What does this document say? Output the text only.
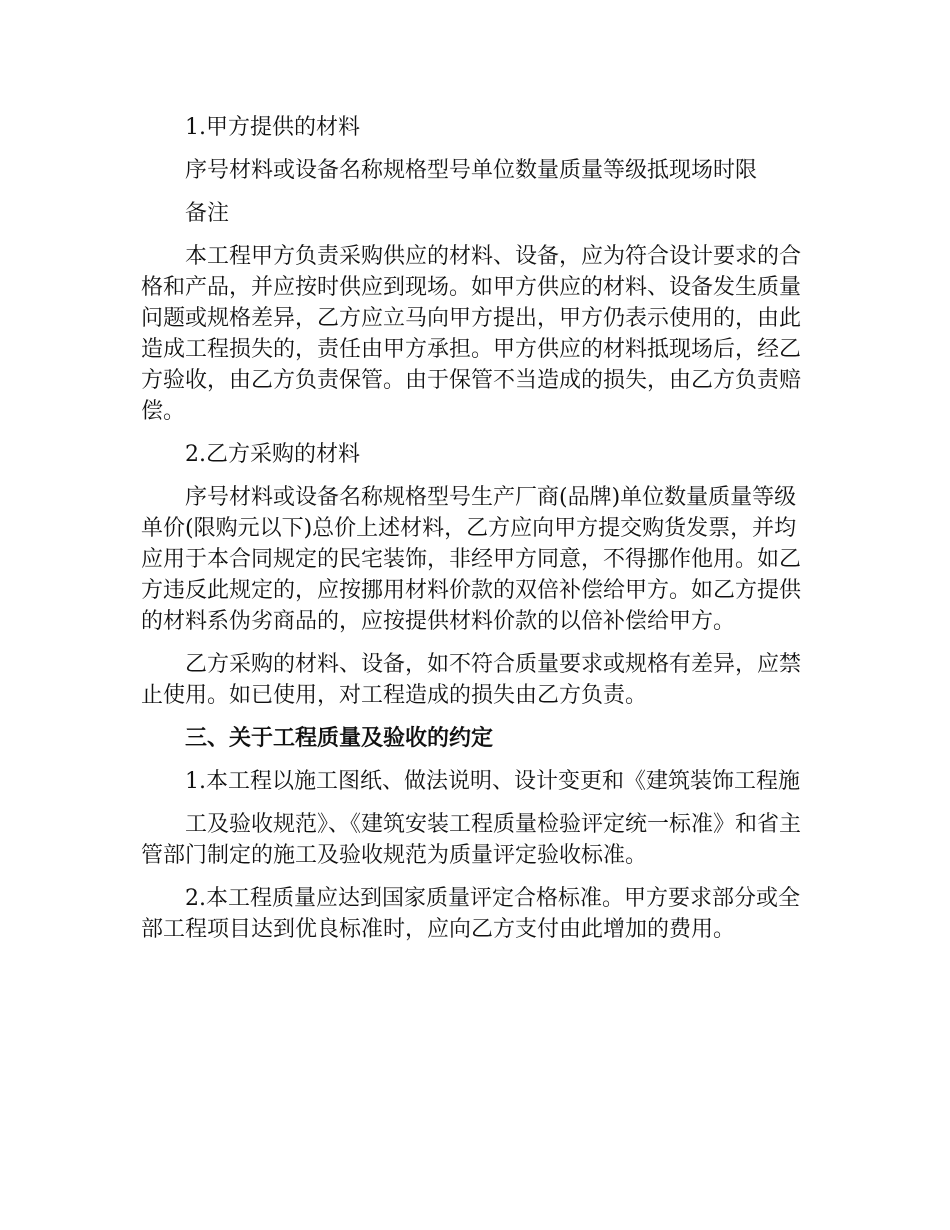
1.甲方提供的材料

序号材料或设备名称规格型号单位数量质量等级抵现场时限

备注

本工程甲方负责采购供应的材料、设备，应为符合设计要求的合格和产品，并应按时供应到现场。如甲方供应的材料、设备发生质量问题或规格差异，乙方应立马向甲方提出，甲方仍表示使用的，由此造成工程损失的，责任由甲方承担。甲方供应的材料抵现场后，经乙方验收，由乙方负责保管。由于保管不当造成的损失，由乙方负责赔偿。

2.乙方采购的材料

序号材料或设备名称规格型号生产厂商(品牌)单位数量质量等级单价(限购元以下)总价上述材料，乙方应向甲方提交购货发票，并均应用于本合同规定的民宅装饰，非经甲方同意，不得挪作他用。如乙方违反此规定的，应按挪用材料价款的双倍补偿给甲方。如乙方提供的材料系伪劣商品的，应按提供材料价款的以倍补偿给甲方。

乙方采购的材料、设备，如不符合质量要求或规格有差异，应禁止使用。如已使用，对工程造成的损失由乙方负责。

三、关于工程质量及验收的约定

1.本工程以施工图纸、做法说明、设计变更和《建筑装饰工程施

工及验收规范》、《建筑安装工程质量检验评定统一标准》和省主管部门制定的施工及验收规范为质量评定验收标准。

2.本工程质量应达到国家质量评定合格标准。甲方要求部分或全部工程项目达到优良标准时，应向乙方支付由此增加的费用。
